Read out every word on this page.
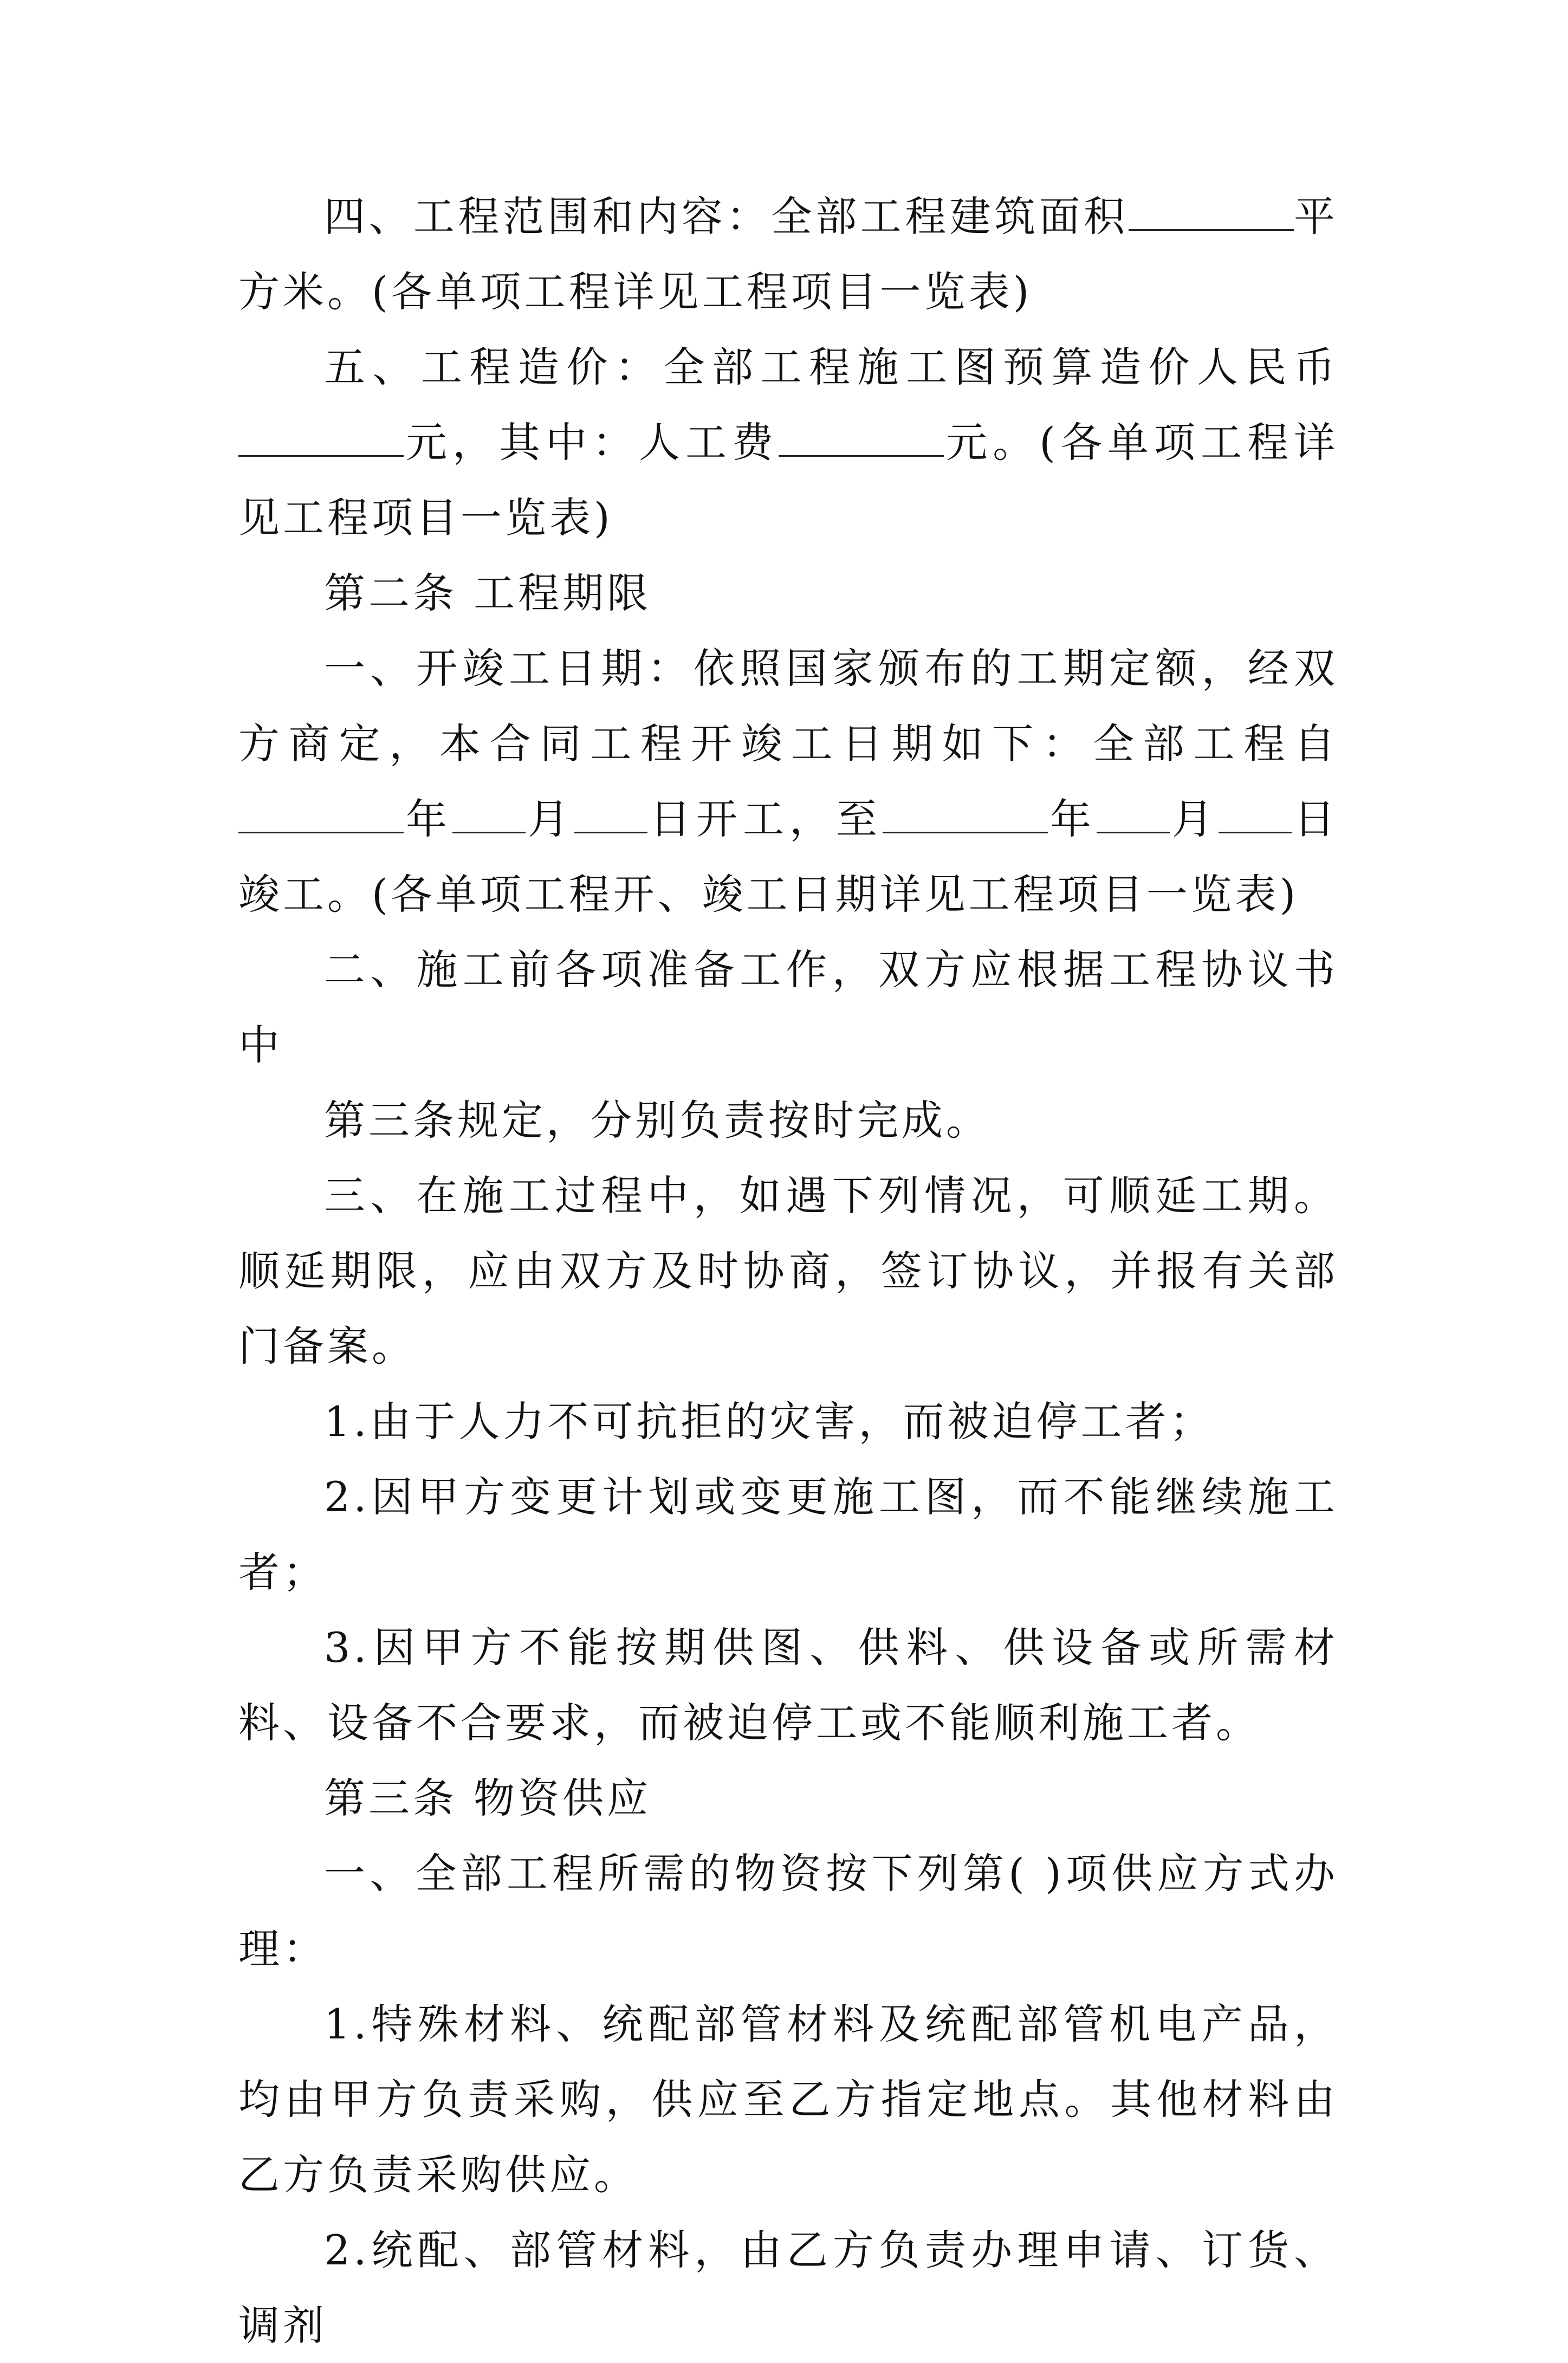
四、工程范围和内容：全部工程建筑面积	平方米。(各单项工程详见工程项目一览表)

五、工程造价：全部工程施工图预算造价人民币元，其中：人工费	元。(各单项工程详见工程项目一览表)

第二条 工程期限

一、开竣工日期：依照国家颁布的工期定额，经双方商定，本合同工程开竣工日期如下：全部工程自年 月 日开工，至	年 月 日竣工。(各单项工程开、竣工日期详见工程项目一览表)

二、施工前各项准备工作，双方应根据工程协议书中

第三条规定，分别负责按时完成。

三、在施工过程中，如遇下列情况，可顺延工期。顺延期限，应由双方及时协商，签订协议，并报有关部门备案。

1.由于人力不可抗拒的灾害，而被迫停工者；

2.因甲方变更计划或变更施工图，而不能继续施工者；

3.因甲方不能按期供图、供料、供设备或所需材料、设备不合要求，而被迫停工或不能顺利施工者。

第三条 物资供应

一、全部工程所需的物资按下列第( )项供应方式办理：

1.特殊材料、统配部管材料及统配部管机电产品，均由甲方负责采购，供应至乙方指定地点。其他材料由乙方负责采购供应。

2.统配、部管材料，由乙方负责办理申请、订货、调剂
